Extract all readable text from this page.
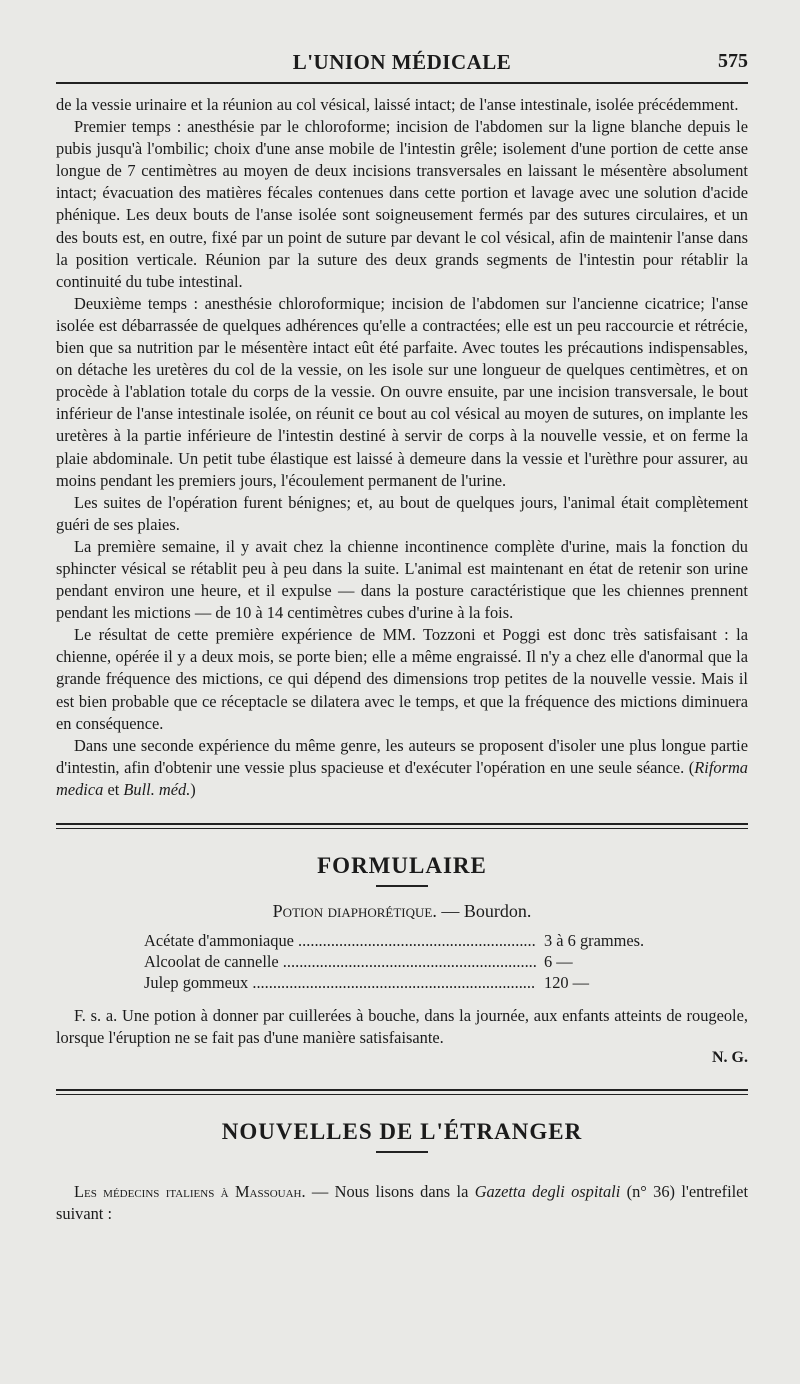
L'UNION MÉDICALE	575

de la vessie urinaire et la réunion au col vésical, laissé intact; de l'anse intestinale, isolée précédemment.

Premier temps : anesthésie par le chloroforme; incision de l'abdomen sur la ligne blanche depuis le pubis jusqu'à l'ombilic; choix d'une anse mobile de l'intestin grêle; isolement d'une portion de cette anse longue de 7 centimètres au moyen de deux incisions transversales en laissant le mésentère absolument intact; évacuation des matières fécales contenues dans cette portion et lavage avec une solution d'acide phénique. Les deux bouts de l'anse isolée sont soigneusement fermés par des sutures circulaires, et un des bouts est, en outre, fixé par un point de suture par devant le col vésical, afin de maintenir l'anse dans la position verticale. Réunion par la suture des deux grands segments de l'intestin pour rétablir la continuité du tube intestinal.

Deuxième temps : anesthésie chloroformique; incision de l'abdomen sur l'ancienne cicatrice; l'anse isolée est débarrassée de quelques adhérences qu'elle a contractées; elle est un peu raccourcie et rétrécie, bien que sa nutrition par le mésentère intact eût été parfaite. Avec toutes les précautions indispensables, on détache les uretères du col de la vessie, on les isole sur une longueur de quelques centimètres, et on procède à l'ablation totale du corps de la vessie. On ouvre ensuite, par une incision transversale, le bout inférieur de l'anse intestinale isolée, on réunit ce bout au col vésical au moyen de sutures, on implante les uretères à la partie inférieure de l'intestin destiné à servir de corps à la nouvelle vessie, et on ferme la plaie abdominale. Un petit tube élastique est laissé à demeure dans la vessie et l'urèthre pour assurer, au moins pendant les premiers jours, l'écoulement permanent de l'urine.

Les suites de l'opération furent bénignes; et, au bout de quelques jours, l'animal était complètement guéri de ses plaies.

La première semaine, il y avait chez la chienne incontinence complète d'urine, mais la fonction du sphincter vésical se rétablit peu à peu dans la suite. L'animal est maintenant en état de retenir son urine pendant environ une heure, et il expulse — dans la posture caractéristique que les chiennes prennent pendant les mictions — de 10 à 14 centimètres cubes d'urine à la fois.

Le résultat de cette première expérience de MM. Tozzoni et Poggi est donc très satisfaisant : la chienne, opérée il y a deux mois, se porte bien; elle a même engraissé. Il n'y a chez elle d'anormal que la grande fréquence des mictions, ce qui dépend des dimensions trop petites de la nouvelle vessie. Mais il est bien probable que ce réceptacle se dilatera avec le temps, et que la fréquence des mictions diminuera en conséquence.

Dans une seconde expérience du même genre, les auteurs se proposent d'isoler une plus longue partie d'intestin, afin d'obtenir une vessie plus spacieuse et d'exécuter l'opération en une seule séance. (Riforma medica et Bull. méd.)

FORMULAIRE
Potion diaphorétique. — Bourdon.
Acétate d'ammoniaque .....	3 à 6 grammes.
Alcoolat de cannelle .....	6 —
Julep gommeux .....	120 —

F. s. a. Une potion à donner par cuillerées à bouche, dans la journée, aux enfants atteints de rougeole, lorsque l'éruption ne se fait pas d'une manière satisfaisante.

N. G.
NOUVELLES DE L'ÉTRANGER

Les médecins italiens à Massouah. — Nous lisons dans la Gazetta degli ospitali (n° 36) l'entrefilet suivant :
